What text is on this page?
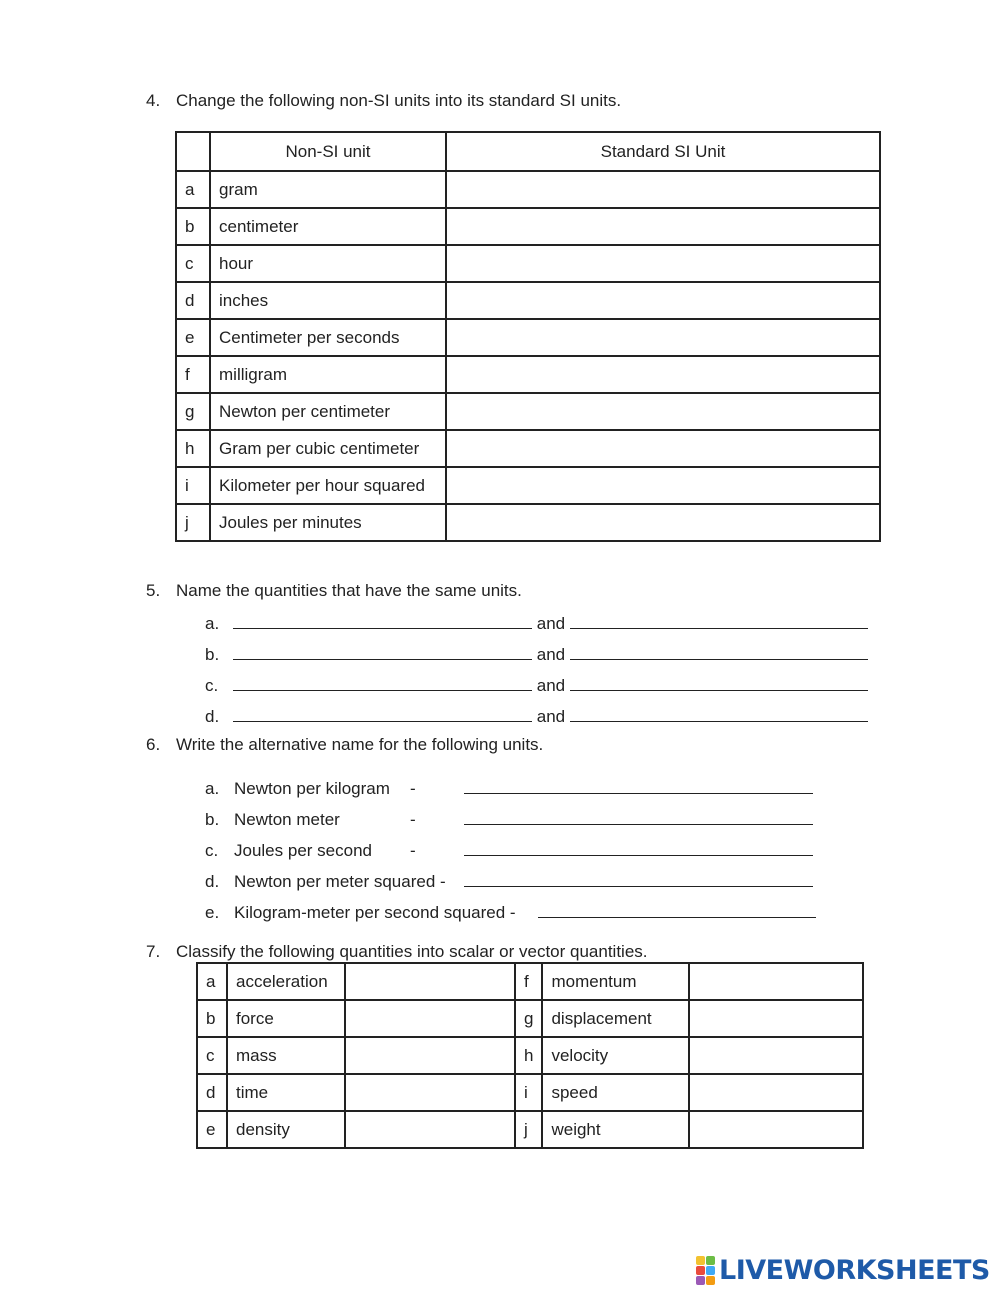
4. Change the following non-SI units into its standard SI units.
	Non-SI unit	Standard SI Unit
a	gram	
b	centimeter	
c	hour	
d	inches	
e	Centimeter per seconds	
f	milligram	
g	Newton per centimeter	
h	Gram per cubic centimeter	
i	Kilometer per hour squared	
j	Joules per minutes	
5. Name the quantities that have the same units.
a.	and
b.	and
c.	and
d.	and
6. Write the alternative name for the following units.
a. Newton per kilogram -
b. Newton meter	-
c. Joules per second -
d. Newton per meter squared -
e. Kilogram-meter per second squared -
7. Classify the following quantities into scalar or vector quantities.
a	acceleration		f	momentum	
b	force		g	displacement	
c	mass		h	velocity	
d	time		i	speed	
e	density		j	weight	
LIVEWORKSHEETS
